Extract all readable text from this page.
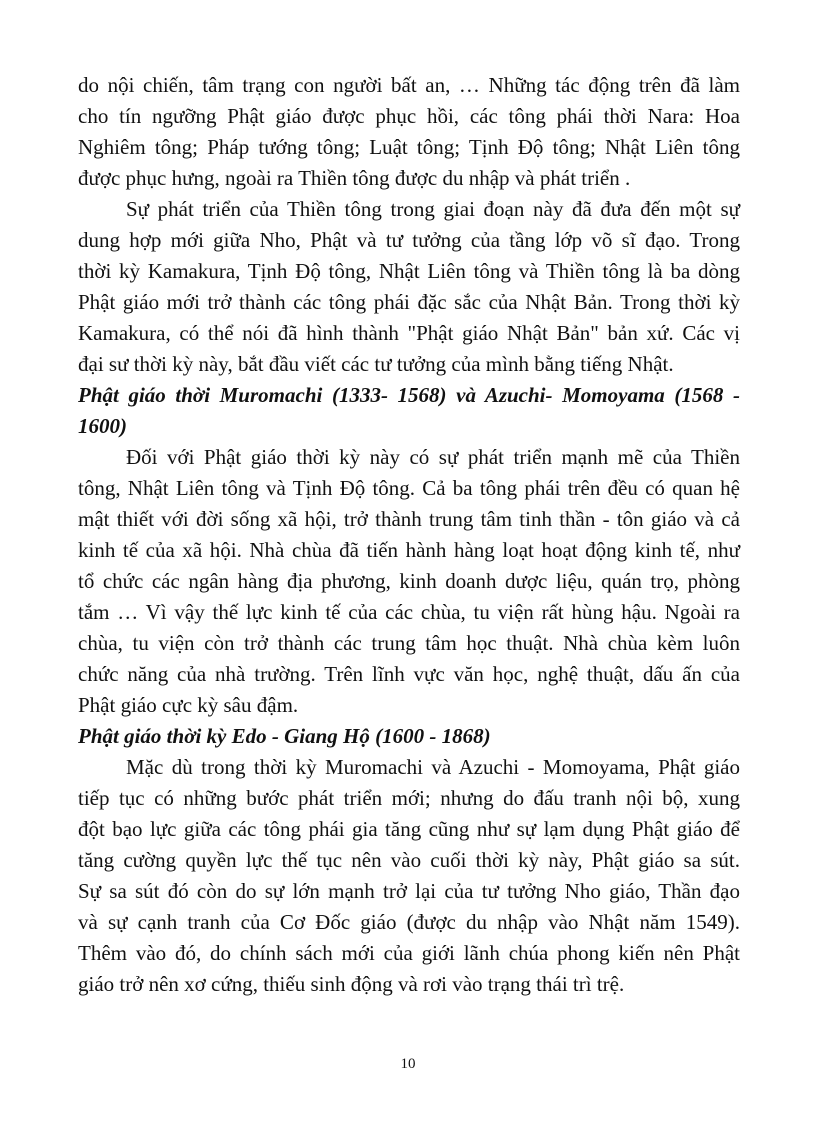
do nội chiến, tâm trạng con người bất an, … Những tác động trên đã làm
cho tín ngưỡng Phật giáo được phục hồi, các tông phái thời Nara: Hoa
Nghiêm tông; Pháp tướng tông; Luật tông; Tịnh Độ tông; Nhật Liên tông
được phục hưng, ngoài ra Thiền tông được du nhập và phát triển .
Sự phát triển của Thiền tông trong giai đoạn này đã đưa đến một sự
dung hợp mới giữa Nho, Phật và tư tưởng của tầng lớp võ sĩ đạo. Trong
thời kỳ Kamakura, Tịnh Độ tông, Nhật Liên tông và Thiền tông là ba dòng
Phật giáo mới trở thành các tông phái đặc sắc của Nhật Bản. Trong thời kỳ
Kamakura, có thể nói đã hình thành "Phật giáo Nhật Bản" bản xứ. Các vị
đại sư thời kỳ này, bắt đầu viết các tư tưởng của mình bằng tiếng Nhật.
Phật giáo thời Muromachi (1333- 1568) và Azuchi- Momoyama (1568 -
1600)
Đối với Phật giáo thời kỳ này có sự phát triển mạnh mẽ của Thiền
tông, Nhật Liên tông và Tịnh Độ tông. Cả ba tông phái trên đều có quan hệ
mật thiết với đời sống xã hội, trở thành trung tâm tinh thần - tôn giáo và cả
kinh tế của xã hội. Nhà chùa đã tiến hành hàng loạt hoạt động kinh tế, như
tổ chức các ngân hàng địa phương, kinh doanh dược liệu, quán trọ, phòng
tắm … Vì vậy thế lực kinh tế của các chùa, tu viện rất hùng hậu. Ngoài ra
chùa, tu viện còn trở thành các trung tâm học thuật. Nhà chùa kèm luôn
chức năng của nhà trường. Trên lĩnh vực văn học, nghệ thuật, dấu ấn của
Phật giáo cực kỳ sâu đậm.
Phật giáo thời kỳ Edo - Giang Hộ (1600 - 1868)
Mặc dù trong thời kỳ Muromachi và Azuchi - Momoyama, Phật giáo
tiếp tục có những bước phát triển mới; nhưng do đấu tranh nội bộ, xung
đột bạo lực giữa các tông phái gia tăng cũng như sự lạm dụng Phật giáo để
tăng cường quyền lực thế tục nên vào cuối thời kỳ này, Phật giáo sa sút.
Sự sa sút đó còn do sự lớn mạnh trở lại của tư tưởng Nho giáo, Thần đạo
và sự cạnh tranh của Cơ Đốc giáo (được du nhập vào Nhật năm 1549).
Thêm vào đó, do chính sách mới của giới lãnh chúa phong kiến nên Phật
giáo trở nên xơ cứng, thiếu sinh động và rơi vào trạng thái trì trệ.
10
